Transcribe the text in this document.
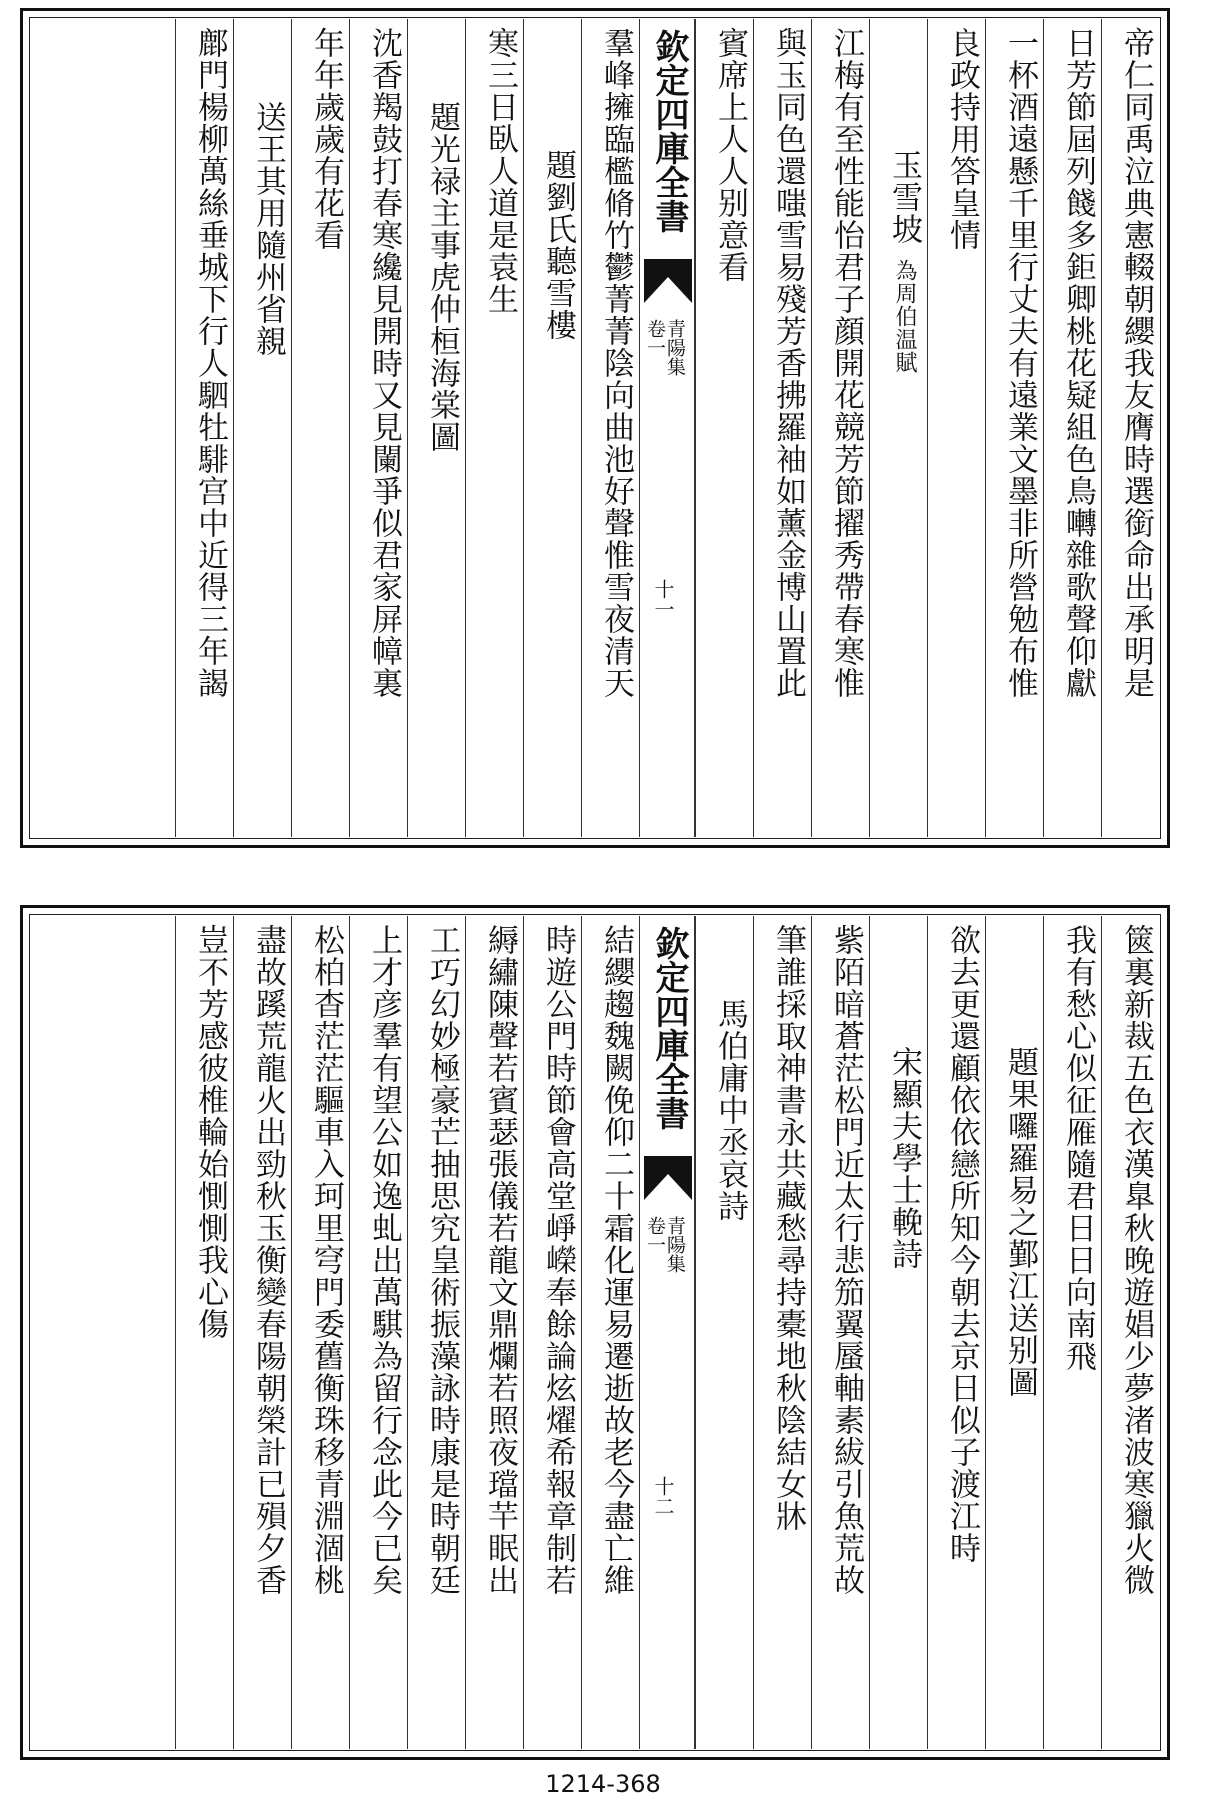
帝仁同禹泣典憲輟朝纓我友膺時選銜命出承明是
日芳節屆列餞多鉅卿桃花疑組色鳥囀雜歌聲仰獻
一杯酒遠懸千里行丈夫有遠業文墨非所營勉布惟
良政持用答皇情
玉雪坡為周伯温賦
江梅有至性能怡君子顔開花競芳節擢秀帶春寒惟
與玉同色還嗤雪易殘芳香拂羅袖如薰金博山置此
賓席上人人别意看
欽定四庫全書
青陽集
卷一
十一
羣峰擁臨檻脩竹鬱菁菁陰向曲池好聲惟雪夜清天
題劉氏聽雪樓
寒三日臥人道是袁生
題光禄主事虎仲桓海棠圖
沈香羯鼓打春寒纔見開時又見闌爭似君家屏幛裏
年年歲歲有花看
送王其用隨州省親
鄜門楊柳萬絲垂城下行人駟牡騑宫中近得三年謁
篋裏新裁五色衣漢臯秋晚遊娼少夢渚波寒獵火微
我有愁心似征雁隨君日日向南飛
題果囉羅易之鄞江送别圖
欲去更還顧依依戀所知今朝去京日似子渡江時
宋顯夫學士輓詩
紫陌暗蒼茫松門近太行悲笳翼蜃軸素紱引魚荒故
筆誰採取神書永共藏愁尋持橐地秋陰結女牀
馬伯庸中丞哀詩
欽定四庫全書
青陽集
卷一
十二
結纓趨魏闕俛仰二十霜化運易遷逝故老今盡亡維
時遊公門時節會高堂崢嶸奉餘論炫燿希報章制若
縟繡陳聲若賓瑟張儀若龍文鼎爛若照夜璫芉眠出
工巧幻妙極豪芒抽思究皇術振藻詠時康是時朝廷
上才彦羣有望公如逸虬出萬騏為留行念此今已矣
松柏杳茫茫驅車入珂里穹門委舊衡珠移青淵涸桃
盡故蹊荒龍火出勁秋玉衡變春陽朝榮計已殞夕香
豈不芳感彼椎輪始惻惻我心傷
1214-368
